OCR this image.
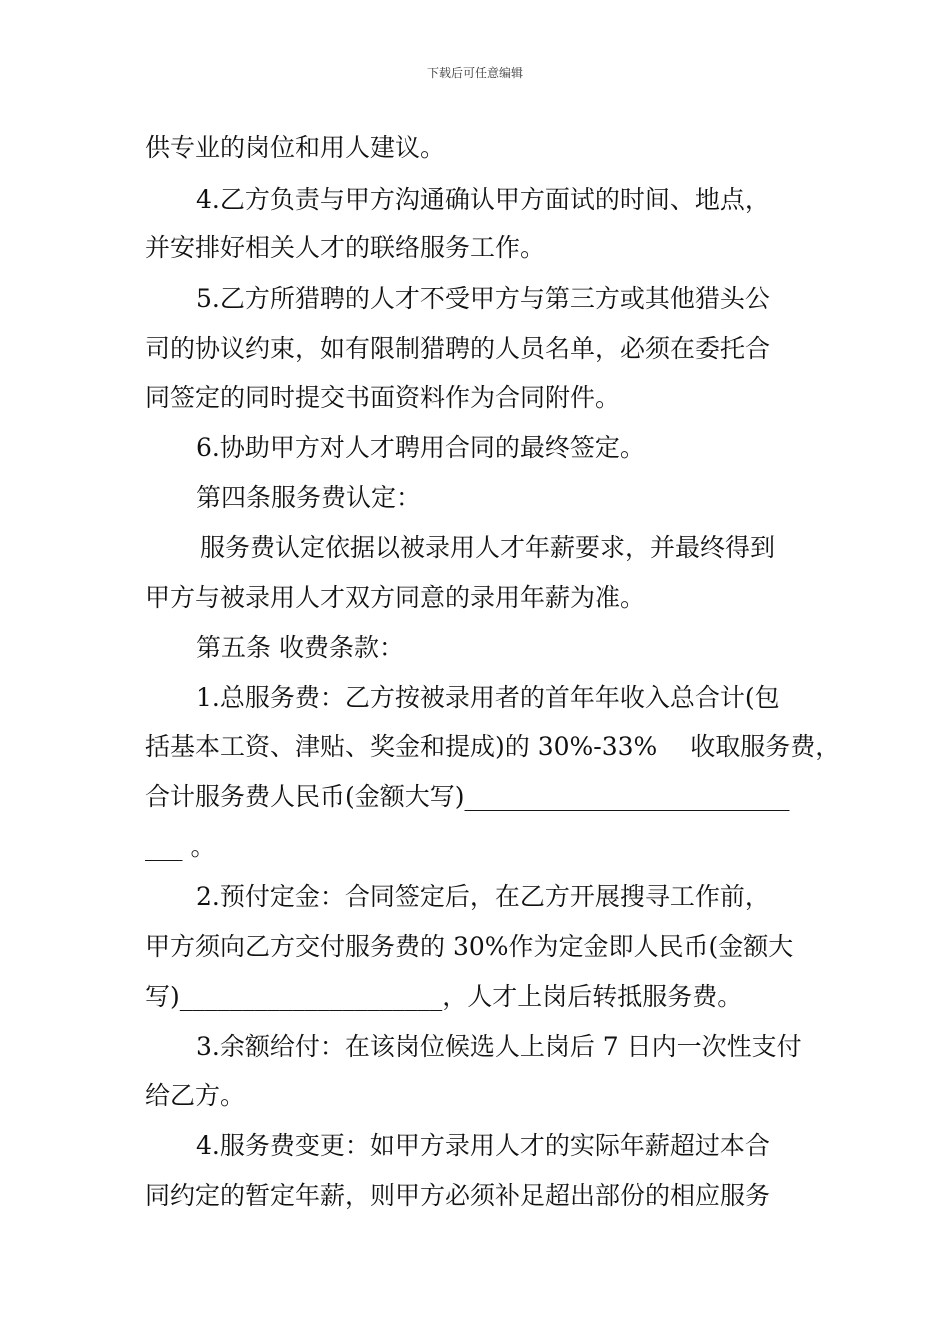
下载后可任意编辑
供专业的岗位和用人建议。
4.乙方负责与甲方沟通确认甲方面试的时间、地点，
并安排好相关人才的联络服务工作。
5.乙方所猎聘的人才不受甲方与第三方或其他猎头公
司的协议约束，如有限制猎聘的人员名单，必须在委托合
同签定的同时提交书面资料作为合同附件。
6.协助甲方对人才聘用合同的最终签定。
第四条服务费认定：
服务费认定依据以被录用人才年薪要求，并最终得到
甲方与被录用人才双方同意的录用年薪为准。
第五条 收费条款：
1.总服务费：乙方按被录用者的首年年收入总合计(包
括基本工资、津贴、奖金和提成)的 30%-33%　 收取服务费，
合计服务费人民币(金额大写)__________________________
___ 。
2.预付定金：合同签定后，在乙方开展搜寻工作前，
甲方须向乙方交付服务费的 30%作为定金即人民币(金额大
写)_____________________，人才上岗后转抵服务费。
3.余额给付：在该岗位候选人上岗后 7 日内一次性支付
给乙方。
4.服务费变更：如甲方录用人才的实际年薪超过本合
同约定的暂定年薪，则甲方必须补足超出部份的相应服务
